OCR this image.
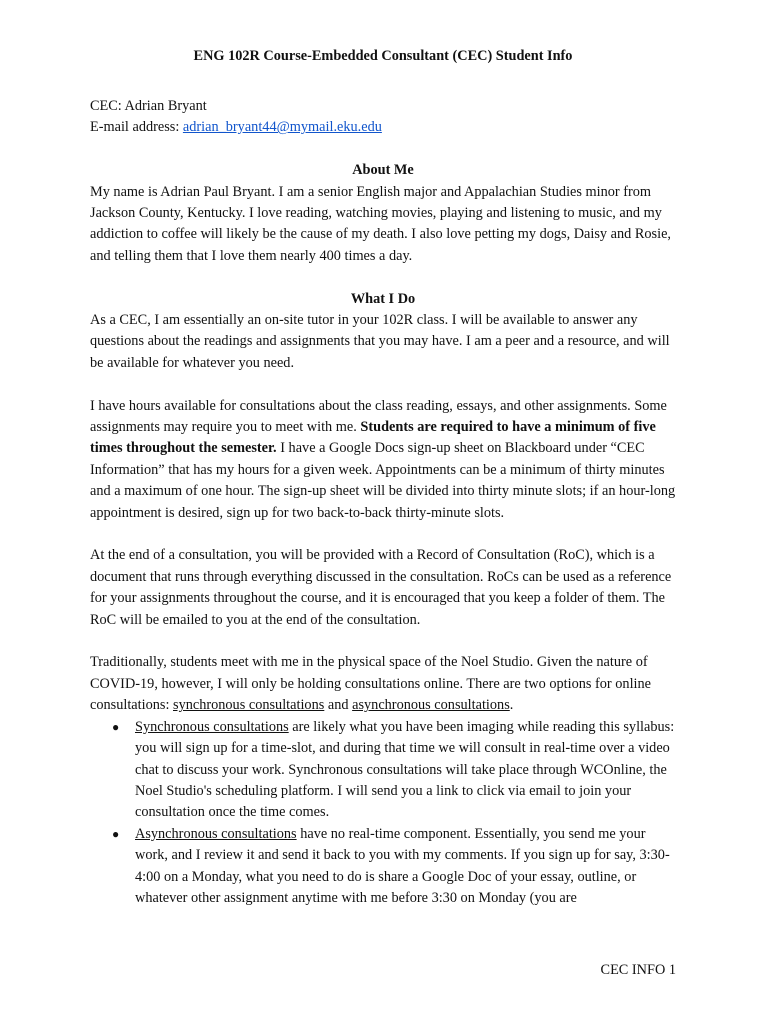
ENG 102R Course-Embedded Consultant (CEC) Student Info

CEC: Adrian Bryant

E-mail address: adrian_bryant44@mymail.eku.edu

About Me

My name is Adrian Paul Bryant. I am a senior English major and Appalachian Studies minor from Jackson County, Kentucky. I love reading, watching movies, playing and listening to music, and my addiction to coffee will likely be the cause of my death. I also love petting my dogs, Daisy and Rosie, and telling them that I love them nearly 400 times a day.

What I Do

As a CEC, I am essentially an on-site tutor in your 102R class. I will be available to answer any questions about the readings and assignments that you may have. I am a peer and a resource, and will be available for whatever you need.

I have hours available for consultations about the class reading, essays, and other assignments. Some assignments may require you to meet with me. Students are required to have a minimum of five times throughout the semester. I have a Google Docs sign-up sheet on Blackboard under “CEC Information” that has my hours for a given week. Appointments can be a minimum of thirty minutes and a maximum of one hour. The sign-up sheet will be divided into thirty minute slots; if an hour-long appointment is desired, sign up for two back-to-back thirty-minute slots.

At the end of a consultation, you will be provided with a Record of Consultation (RoC), which is a document that runs through everything discussed in the consultation. RoCs can be used as a reference for your assignments throughout the course, and it is encouraged that you keep a folder of them. The RoC will be emailed to you at the end of the consultation.

Traditionally, students meet with me in the physical space of the Noel Studio. Given the nature of COVID-19, however, I will only be holding consultations online. There are two options for online consultations: synchronous consultations and asynchronous consultations.

● Synchronous consultations are likely what you have been imaging while reading this syllabus: you will sign up for a time-slot, and during that time we will consult in real-time over a video chat to discuss your work. Synchronous consultations will take place through WCOnline, the Noel Studio's scheduling platform. I will send you a link to click via email to join your consultation once the time comes.
● Asynchronous consultations have no real-time component. Essentially, you send me your work, and I review it and send it back to you with my comments. If you sign up for say, 3:30-4:00 on a Monday, what you need to do is share a Google Doc of your essay, outline, or whatever other assignment anytime with me before 3:30 on Monday (you are
CEC INFO 1
